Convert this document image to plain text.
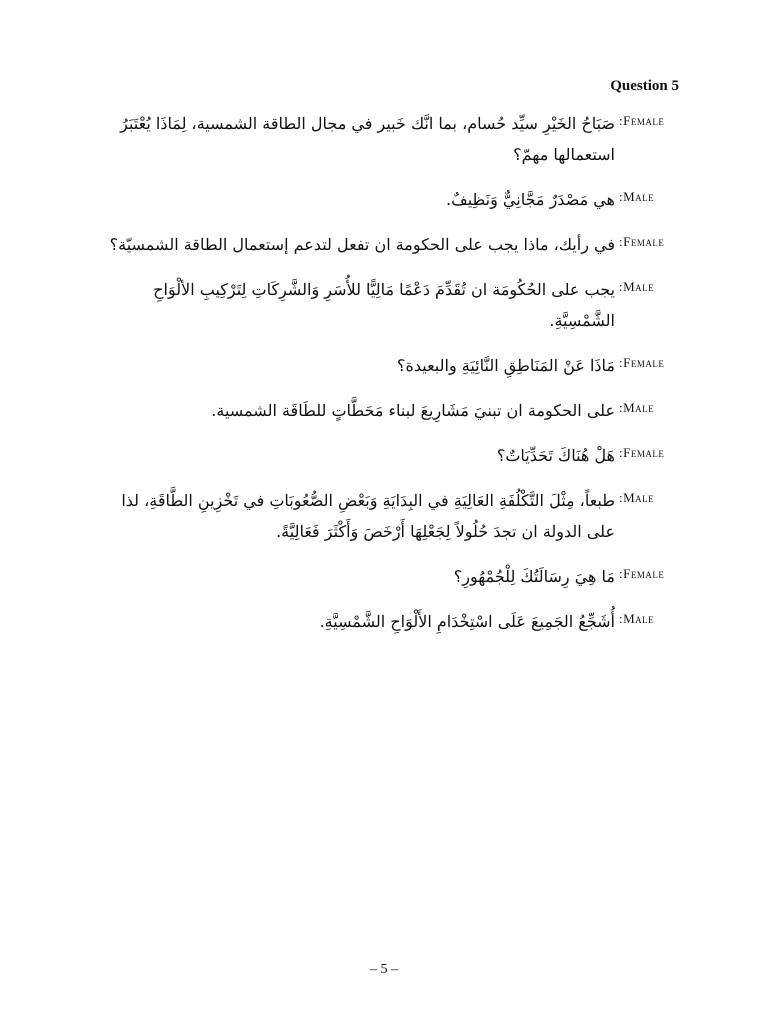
Question 5
:Female
صَبَاحُ الخَيْرِ سيِّد حُسام، بما انَّك خَبير في مجال الطاقة الشمسية، لِمَاذَا يُعْتَبَرُ استعمالها مهمّ؟
:Male
هي مَصْدَرٌ مَجَّانِيٌّ وَنَظِيفٌ.
:Female
في رأيك، ماذا يجب على الحكومة ان تفعل لتدعم إستعمال الطاقة الشمسيّة؟
:Male
يجب على الحُكُومَة ان تُقَدِّمَ دَعْمًا مَالِيًّا للأُسَرِ وَالشَّرِكَاتِ لِتَرْكِيبِ الألْوَاحِ الشَّمْسِيَّةِ.
:Female
مَاذَا عَنْ المَنَاطِقِ النَّائِيَةِ والبعيدة؟
:Male
على الحكومة ان تبنيَ مَشَارِيعَ لبناء مَحَطَّاتٍ للطَاقَة الشمسية.
:Female
هَلْ هُنَاكَ تَحَدِّيَاتٌ؟
:Male
طبعاً، مِثْلَ التَّكْلُفَةِ العَالِيَةِ في البِدَايَةِ وَبَعْضِ الصُّعُوبَاتِ في تَخْزِينِ الطَّاقَةِ، لذا على الدولة ان تجدَ حُلُولاً لِجَعْلِهَا أَرْخَصَ وَأَكْثَرَ فَعَالِيَّةً.
:Female
مَا هِيَ رِسَالَتُكَ لِلْجُمْهُورِ؟
:Male
أُشَجِّعُ الجَمِيعَ عَلَى اسْتِخْدَامِ الأَلْوَاحِ الشَّمْسِيَّةِ.
– 5 –
